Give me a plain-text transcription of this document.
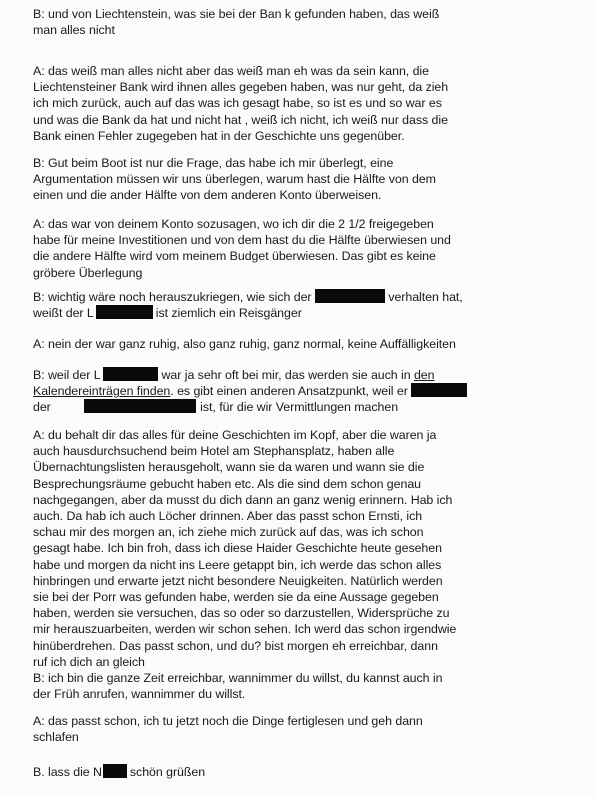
B: und von Liechtenstein, was sie bei der Ban k gefunden haben, das weiß
man alles nicht
A: das weiß man alles nicht aber das weiß man eh was da sein kann, die
Liechtensteiner Bank wird ihnen alles gegeben haben, was nur geht, da zieh
ich mich zurück, auch auf das was ich gesagt habe, so ist es und so war es
und was die Bank da hat und nicht hat , weiß ich nicht, ich weiß nur dass die
Bank einen Fehler zugegeben hat in der Geschichte uns gegenüber.
B: Gut beim Boot ist nur die Frage, das habe ich mir überlegt, eine
Argumentation müssen wir uns überlegen, warum hast die Hälfte von dem
einen und die ander Hälfte von dem anderen Konto überweisen.
A: das war von deinem Konto sozusagen, wo ich dir die 2 1/2 freigegeben
habe für meine Investitionen und von dem hast du die Hälfte überwiesen und
die andere Hälfte wird vom meinem Budget überwiesen. Das gibt es keine
gröbere Überlegung
B: wichtig wäre noch herauszukriegen, wie sich der	verhalten hat,
weißt der L	ist ziemlich ein Reisgänger
A: nein der war ganz ruhig, also ganz ruhig, ganz normal, keine Auffälligkeiten
B: weil der L	war ja sehr oft bei mir, das werden sie auch in den
Kalendereinträgen finden. es gibt einen anderen Ansatzpunkt, weil er
der	ist, für die wir Vermittlungen machen
A: du behalt dir das alles für deine Geschichten im Kopf, aber die waren ja
auch hausdurchsuchend beim Hotel am Stephansplatz, haben alle
Übernachtungslisten herausgeholt, wann sie da waren und wann sie die
Besprechungsräume gebucht haben etc. Als die sind dem schon genau
nachgegangen, aber da musst du dich dann an ganz wenig erinnern. Hab ich
auch. Da hab ich auch Löcher drinnen. Aber das passt schon Ernsti, ich
schau mir des morgen an, ich ziehe mich zurück auf das, was ich schon
gesagt habe. Ich bin froh, dass ich diese Haider Geschichte heute gesehen
habe und morgen da nicht ins Leere getappt bin, ich werde das schon alles
hinbringen und erwarte jetzt nicht besondere Neuigkeiten. Natürlich werden
sie bei der Porr was gefunden habe, werden sie da eine Aussage gegeben
haben, werden sie versuchen, das so oder so darzustellen, Widersprüche zu
mir herauszuarbeiten, werden wir schon sehen. Ich werd das schon irgendwie
hinüberdrehen. Das passt schon, und du? bist morgen eh erreichbar, dann
ruf ich dich an gleich
B: ich bin die ganze Zeit erreichbar, wannimmer du willst, du kannst auch in
der Früh anrufen, wannimmer du willst.
A: das passt schon, ich tu jetzt noch die Dinge fertiglesen und geh dann
schlafen
B. lass die N schön grüßen
